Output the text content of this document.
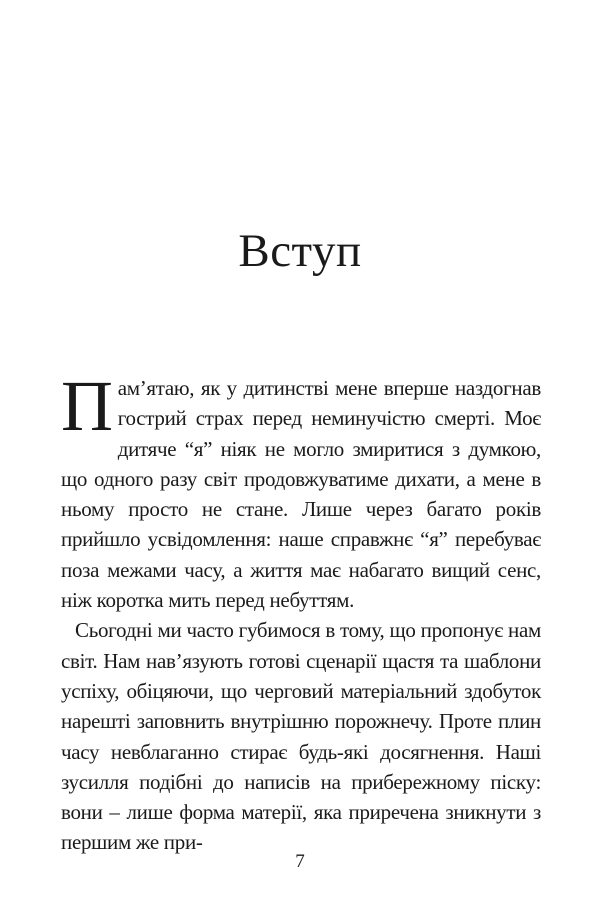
Вступ

Пам’ятаю, як у дитинстві мене вперше наздогнав гострий страх перед неминучістю смерті. Моє дитяче “я” ніяк не могло змиритися з думкою, що одного разу світ продовжуватиме дихати, а мене в ньому просто не стане. Лише через багато років прийшло усвідомлення: наше справжнє “я” перебуває поза межами часу, а життя має набагато вищий сенс, ніж коротка мить перед небуттям.

Сьогодні ми часто губимося в тому, що пропонує нам світ. Нам нав’язують готові сценарії щастя та шаблони успіху, обіцяючи, що черговий матеріальний здобуток нарешті заповнить внутрішню порожнечу. Проте плин часу невблаганно стирає будь-які досягнення. Наші зусилля подібні до написів на прибережному піску: вони – лише форма матерії, яка приречена зникнути з першим же при-

7
